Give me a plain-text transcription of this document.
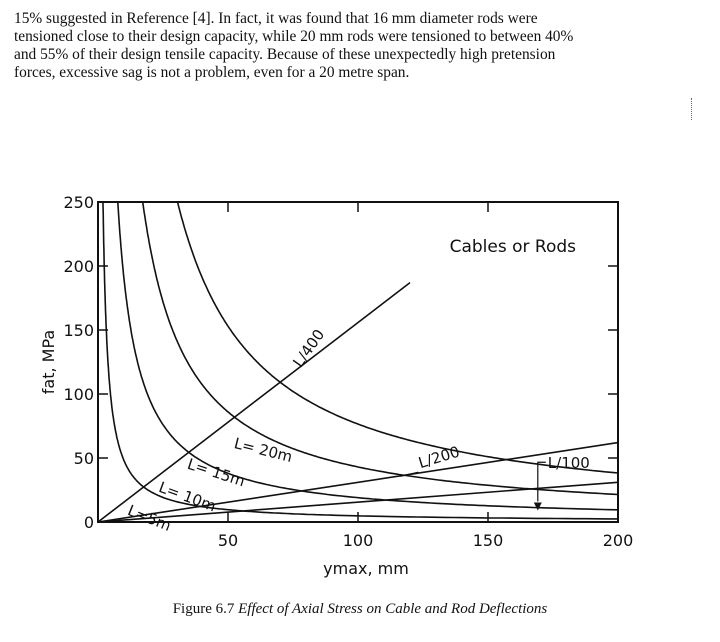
15% suggested in Reference [4]. In fact, it was found that 16 mm diameter rods were
tensioned close to their design capacity, while 20 mm rods were tensioned to between 40%
and 55% of their design tensile capacity. Because of these unexpectedly high pretension
forces, excessive sag is not a problem, even for a 20 metre span.
0
50
100
150
200
250
50	100	150	200
fat, MPa
ymax, mm
Cables or Rods
L/400
L/200	L/100
L= 20m
L= 15m
L= 10m
L=5m
Figure 6.7 Effect of Axial Stress on Cable and Rod Deflections
